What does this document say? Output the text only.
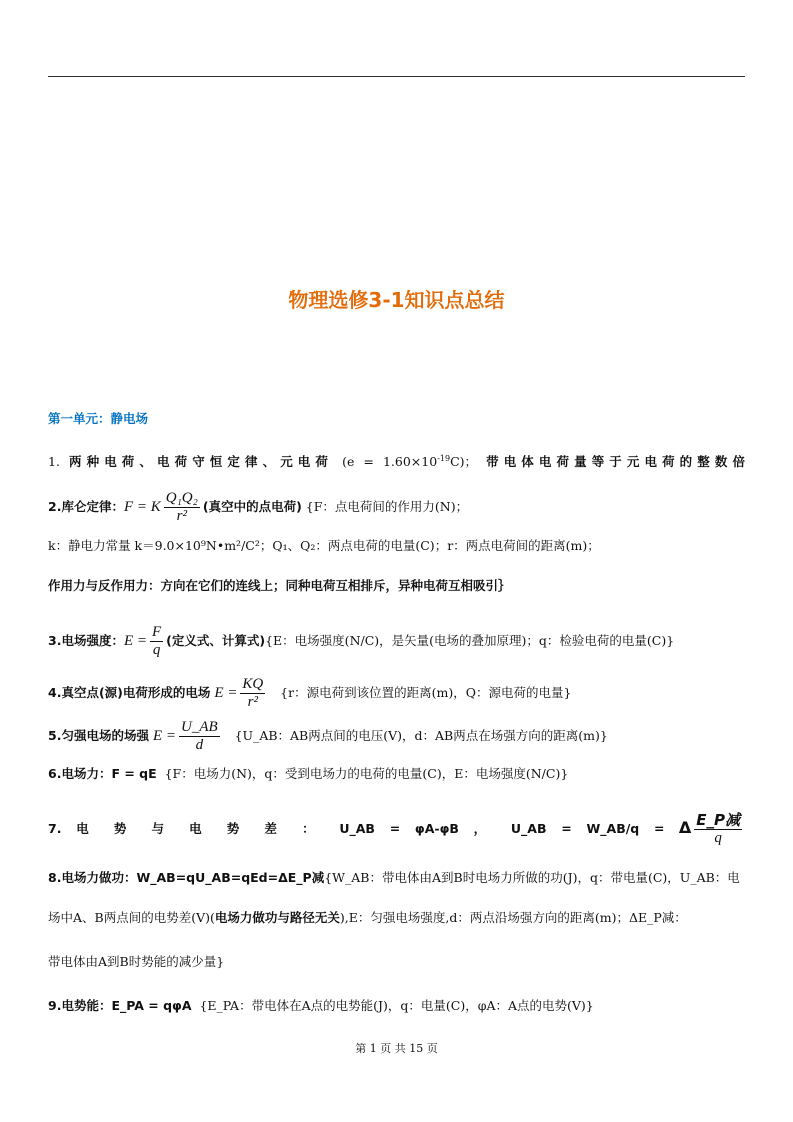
物理选修3-1知识点总结
第一单元：静电场
1. 两种电荷、电荷守恒定律、元电荷 $(e = 1.60\times 10^{-19}C)$； 带电体电荷量等于元电荷的整数倍
2.库仑定律：F = K $\frac{\text{Q₁Q₂}}{\text{r²}}$ (真空中的点电荷) {F：点电荷间的作用力(N)；
k：静电力常量 k＝9.0×10⁹N•m²/C²；Q₁、Q₂：两点电荷的电量(C)；r：两点电荷间的距离(m)；
作用力与反作用力：方向在它们的连线上；同种电荷互相排斥，异种电荷互相吸引｝
3.电场强度：$E = \frac{F}{q}$ (定义式、计算式){E：电场强度(N/C)，是矢量(电场的叠加原理)；q：检验电荷的电量(C)}
4.真空点(源)电荷形成的电场 $E = \frac{KQ}{\text{r²}} \{r$：源电荷到该位置的距离(m)，Q：源电荷的电量}
5.匀强电场的场强 $E = \frac{U\_AB}{d}$ {U_AB：AB两点间的电压(V)，d：AB两点在场强方向的距离(m)}
6.电场力：F = qE {F：电场力(N)，q：受到电场力的电荷的电量(C)，E：电场强度(N/C)}
7. 电 势 与 电 势 差 ： U_AB = φA-φB ， U_AB = W_AB/q = Δ E_P减
q
8.电场力做功：W_AB=qU_AB=qEd=ΔE_P减{W_AB：带电体由A到B时电场力所做的功(J)，q：带电量(C)，U_AB：电
场中A、B两点间的电势差(V)(电场力做功与路径无关),E：匀强电场强度,d：两点沿场强方向的距离(m)；ΔE_P减：
带电体由A到B时势能的减少量}
9.电势能：E_PA = qφA {E_PA：带电体在A点的电势能(J)，q：电量(C)，φA：A点的电势(V)}
第 1 页 共 15 页
